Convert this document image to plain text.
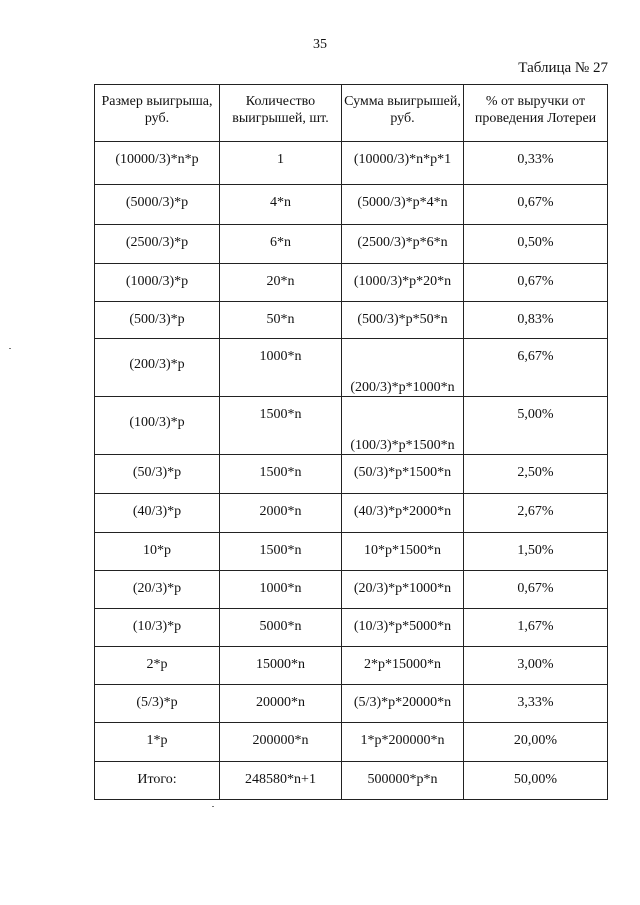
35
Таблица № 27
Размер выигрыша, руб.	Количество выигрышей, шт.	Сумма выигрышей, руб.	% от выручки от проведения Лотереи
(10000/3)*n*p	1	(10000/3)*n*p*1	0,33%
(5000/3)*p	4*n	(5000/3)*p*4*n	0,67%
(2500/3)*p	6*n	(2500/3)*p*6*n	0,50%
(1000/3)*p	20*n	(1000/3)*p*20*n	0,67%
(500/3)*p	50*n	(500/3)*p*50*n	0,83%
(200/3)*p	1000*n	(200/3)*p*1000*n	6,67%
(100/3)*p	1500*n	(100/3)*p*1500*n	5,00%
(50/3)*p	1500*n	(50/3)*p*1500*n	2,50%
(40/3)*p	2000*n	(40/3)*p*2000*n	2,67%
10*p	1500*n	10*p*1500*n	1,50%
(20/3)*p	1000*n	(20/3)*p*1000*n	0,67%
(10/3)*p	5000*n	(10/3)*p*5000*n	1,67%
2*p	15000*n	2*p*15000*n	3,00%
(5/3)*p	20000*n	(5/3)*p*20000*n	3,33%
1*p	200000*n	1*p*200000*n	20,00%
Итого:	248580*n+1	500000*p*n	50,00%
